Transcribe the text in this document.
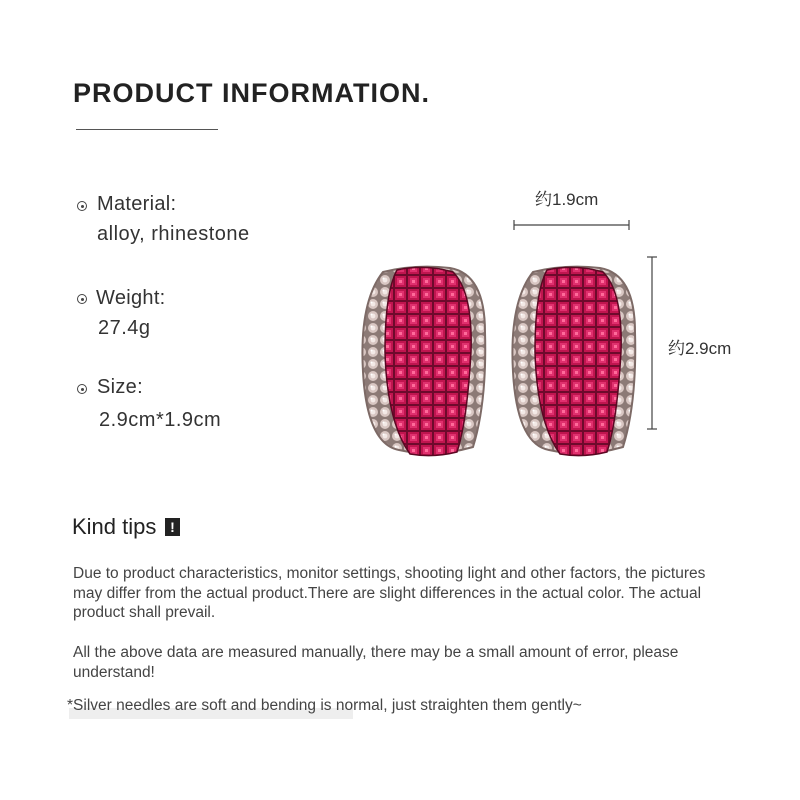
PRODUCT INFORMATION.
Material:
alloy, rhinestone
Weight:
27.4g
Size:
2.9cm*1.9cm
约1.9cm
约2.9cm
Kind tips !
Due to product characteristics, monitor settings, shooting light and other factors, the pictures may differ from the actual product.There are slight differences in the actual color. The actual product shall prevail.
All the above data are measured manually, there may be a small amount of error, please understand!
*Silver needles are soft and bending is normal, just straighten them gently~
